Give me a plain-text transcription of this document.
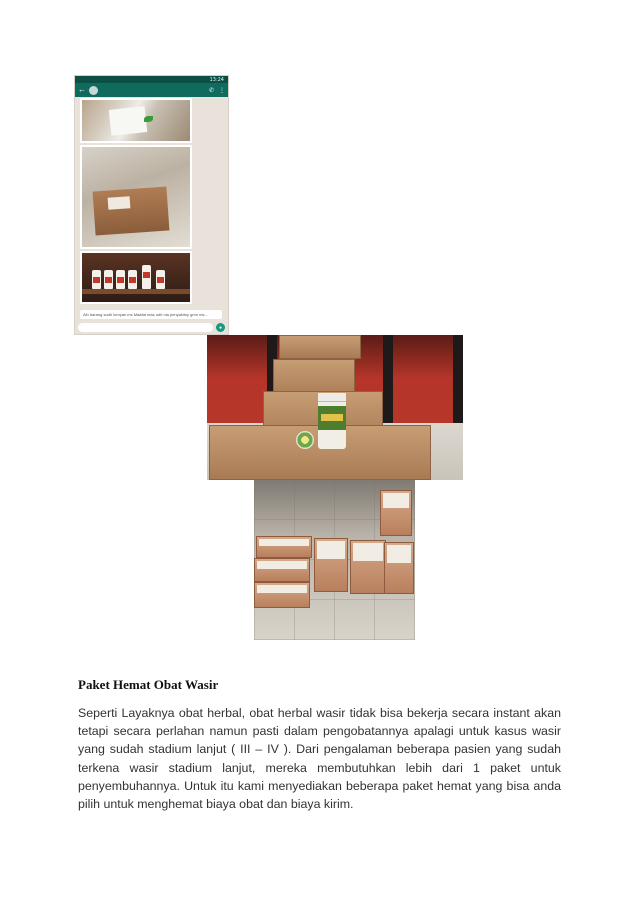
13:24
←	✆ ⋮
Alh barang sudh lumyan ms Maafat mas udh nia penyakitny gmn ms...
●
Paket Hemat Obat Wasir

Seperti Layaknya obat herbal, obat herbal wasir tidak bisa bekerja secara instant akan tetapi secara perlahan namun pasti dalam pengobatannya apalagi untuk kasus wasir yang sudah stadium lanjut ( III – IV ). Dari pengalaman beberapa pasien yang sudah terkena wasir stadium lanjut, mereka membutuhkan lebih dari 1 paket untuk penyembuhannya. Untuk itu kami menyediakan beberapa paket hemat yang bisa anda pilih untuk menghemat biaya obat dan biaya kirim.
